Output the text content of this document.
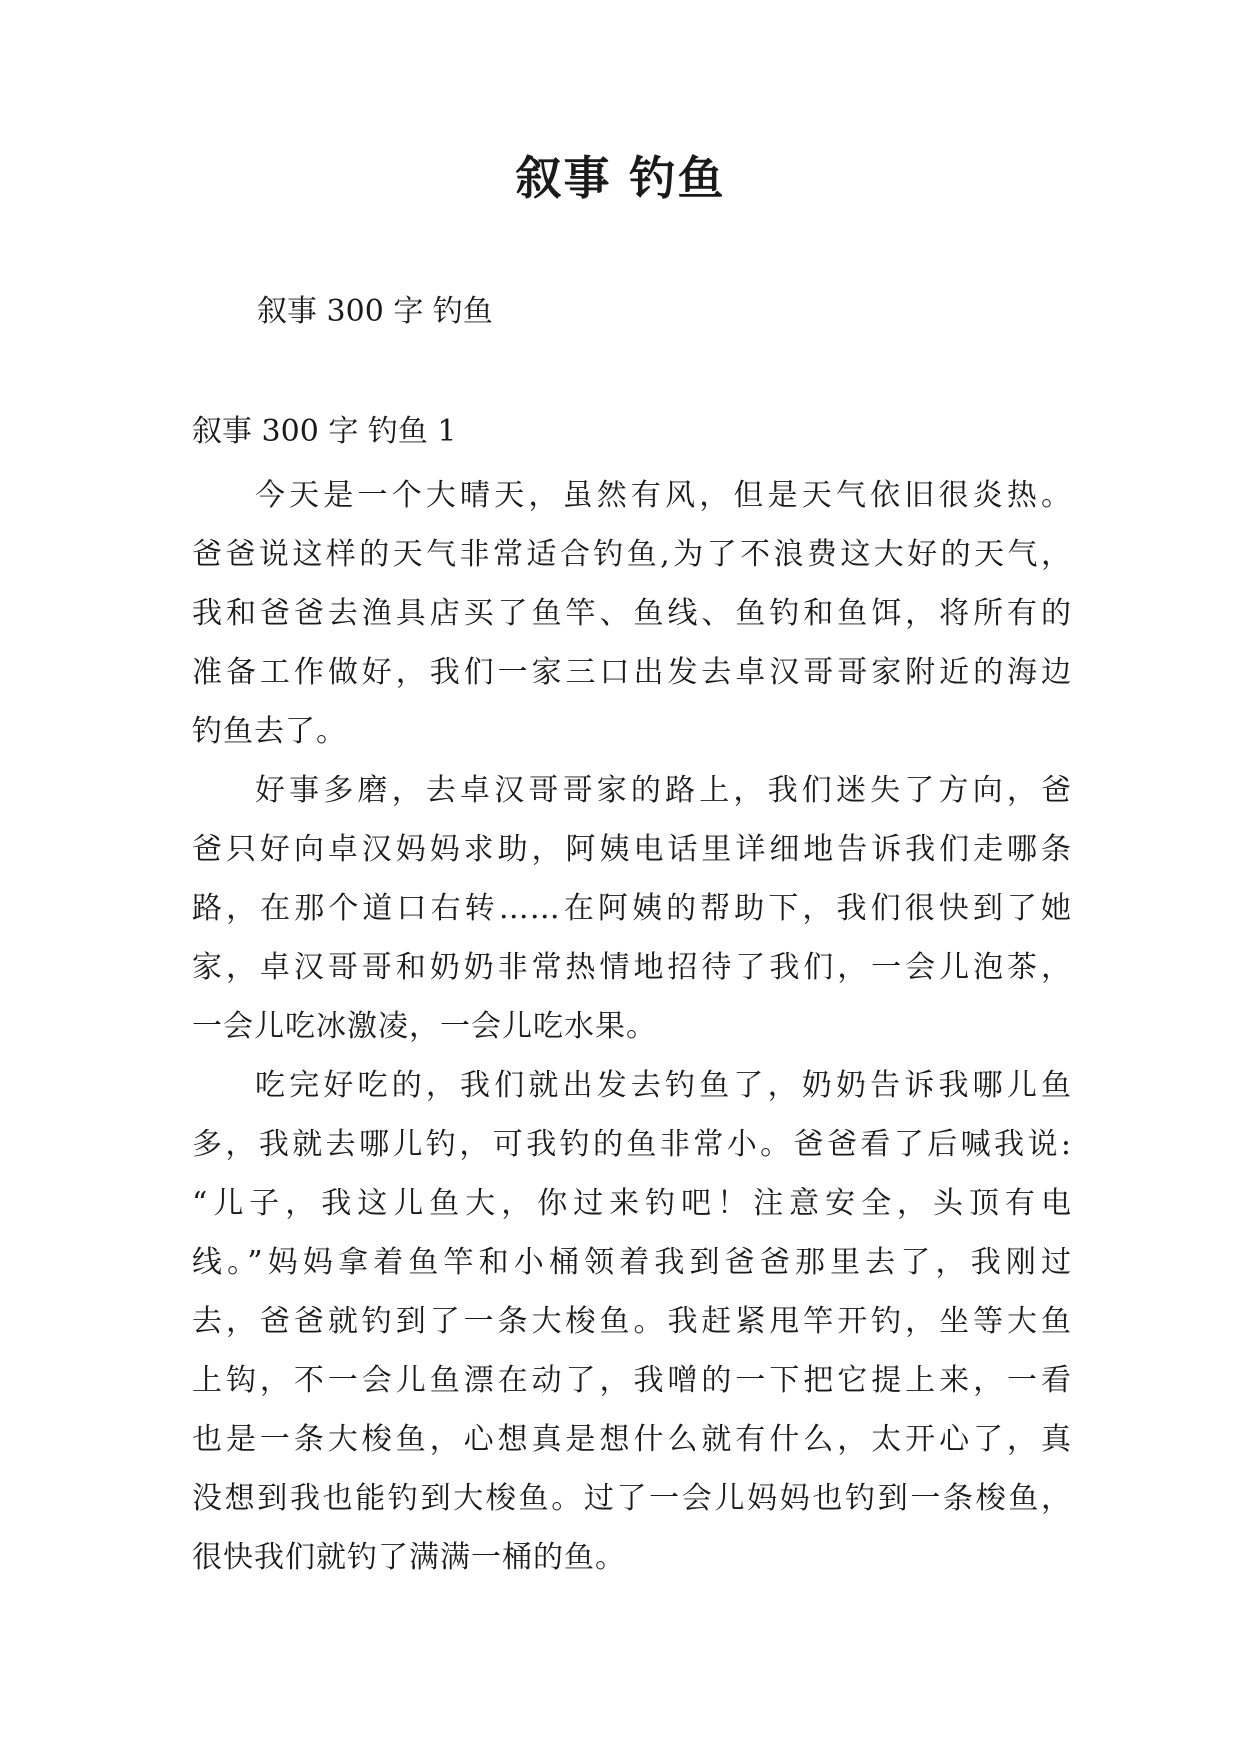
叙事 钓鱼

叙事 300 字 钓鱼

叙事 300 字 钓鱼 1

今天是一个大晴天，虽然有风，但是天气依旧很炎热。
爸爸说这样的天气非常适合钓鱼,为了不浪费这大好的天气，
我和爸爸去渔具店买了鱼竿、鱼线、鱼钓和鱼饵，将所有的
准备工作做好，我们一家三口出发去卓汉哥哥家附近的海边
钓鱼去了。
好事多磨，去卓汉哥哥家的路上，我们迷失了方向，爸
爸只好向卓汉妈妈求助，阿姨电话里详细地告诉我们走哪条
路，在那个道口右转……在阿姨的帮助下，我们很快到了她
家，卓汉哥哥和奶奶非常热情地招待了我们，一会儿泡茶，
一会儿吃冰激凌，一会儿吃水果。
吃完好吃的，我们就出发去钓鱼了，奶奶告诉我哪儿鱼
多，我就去哪儿钓，可我钓的鱼非常小。爸爸看了后喊我说:
“儿子，我这儿鱼大，你过来钓吧！注意安全，头顶有电
线。”妈妈拿着鱼竿和小桶领着我到爸爸那里去了，我刚过
去，爸爸就钓到了一条大梭鱼。我赶紧甩竿开钓，坐等大鱼
上钩，不一会儿鱼漂在动了，我噌的一下把它提上来，一看
也是一条大梭鱼，心想真是想什么就有什么，太开心了，真
没想到我也能钓到大梭鱼。过了一会儿妈妈也钓到一条梭鱼，
很快我们就钓了满满一桶的鱼。
